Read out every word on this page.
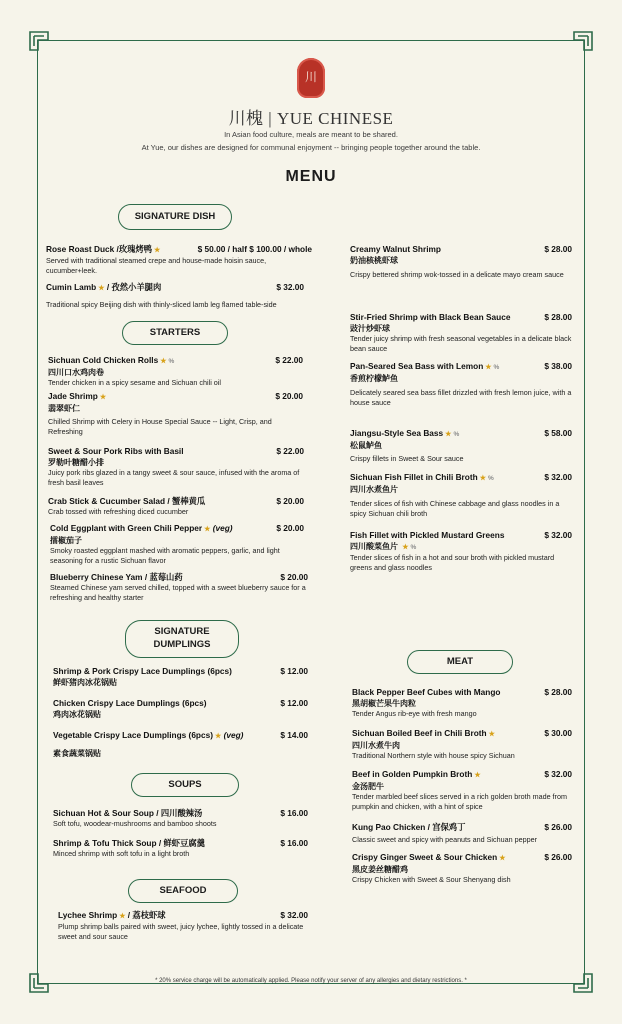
川
川槐 | YUE CHINESE
In Asian food culture, meals are meant to be shared.
At Yue, our dishes are designed for communal enjoyment -- bringing people together around the table.
MENU
SIGNATURE DISH
STARTERS
SIGNATURE
DUMPLINGS
SOUPS
SEAFOOD
MEAT
Rose Roast Duck /玫瑰烤鸭 ★	$ 50.00 / half $ 100.00 / whole
Served with traditional steamed crepe and house-made hoisin sauce, cucumber+leek.
Cumin Lamb ★ / 孜然小羊腿肉	$ 32.00
Traditional spicy Beijing dish with thinly-sliced lamb leg flamed table-side
Sichuan Cold Chicken Rolls ★ %	$ 22.00
四川口水鸡肉卷
Tender chicken in a spicy sesame and Sichuan chili oil
Jade Shrimp ★	$ 20.00
翡翠虾仁
Chilled Shrimp with Celery in House Special Sauce -- Light, Crisp, and Refreshing
Sweet & Sour Pork Ribs with Basil	$ 22.00
罗勒叶糖醋小排
Juicy pork ribs glazed in a tangy sweet & sour sauce, infused with the aroma of fresh basil leaves
Crab Stick & Cucumber Salad / 蟹棒黄瓜	$ 20.00
Crab tossed with refreshing diced cucumber
Cold Eggplant with Green Chili Pepper ★ (veg)	$ 20.00
擂椒茄子
Smoky roasted eggplant mashed with aromatic peppers, garlic, and light seasoning for a rustic Sichuan flavor
Blueberry Chinese Yam / 蓝莓山药	$ 20.00
Steamed Chinese yam served chilled, topped with a sweet blueberry sauce for a refreshing and healthy starter
Shrimp & Pork Crispy Lace Dumplings (6pcs)	$ 12.00
鲜虾猪肉冰花锅贴
Chicken Crispy Lace Dumplings (6pcs)	$ 12.00
鸡肉冰花锅贴
Vegetable Crispy Lace Dumplings (6pcs) ★ (veg)	$ 14.00
素食蔬菜锅贴
Sichuan Hot & Sour Soup / 四川酸辣汤	$ 16.00
Soft tofu, woodear-mushrooms and bamboo shoots
Shrimp & Tofu Thick Soup / 鲜虾豆腐羹	$ 16.00
Minced shrimp with soft tofu in a light broth
Lychee Shrimp ★ / 荔枝虾球	$ 32.00
Plump shrimp balls paired with sweet, juicy lychee, lightly tossed in a delicate sweet and sour sauce
Creamy Walnut Shrimp	$ 28.00
奶油核桃虾球
Crispy bettered shrimp wok-tossed in a delicate mayo cream sauce
Stir-Fried Shrimp with Black Bean Sauce	$ 28.00
豉汁炒虾球
Tender juicy shrimp with fresh seasonal vegetables in a delicate black bean sauce
Pan-Seared Sea Bass with Lemon ★ %	$ 38.00
香煎柠檬鲈鱼
Delicately seared sea bass fillet drizzled with fresh lemon juice, with a house sauce
Jiangsu-Style Sea Bass ★ %	$ 58.00
松鼠鲈鱼
Crispy fillets in Sweet & Sour sauce
Sichuan Fish Fillet in Chili Broth ★ %	$ 32.00
四川水煮鱼片
Tender slices of fish with Chinese cabbage and glass noodles in a spicy Sichuan chili broth
Fish Fillet with Pickled Mustard Greens	$ 32.00
四川酸菜鱼片 ★ %
Tender slices of fish in a hot and sour broth with pickled mustard greens and glass noodles
Black Pepper Beef Cubes with Mango	$ 28.00
黑胡椒芒果牛肉粒
Tender Angus rib-eye with fresh mango
Sichuan Boiled Beef in Chili Broth ★	$ 30.00
四川水煮牛肉
Traditional Northern style with house spicy Sichuan
Beef in Golden Pumpkin Broth ★	$ 32.00
金汤肥牛
Tender marbled beef slices served in a rich golden broth made from pumpkin and chicken, with a hint of spice
Kung Pao Chicken / 宫保鸡丁	$ 26.00
Classic sweet and spicy with peanuts and Sichuan pepper
Crispy Ginger Sweet & Sour Chicken ★	$ 26.00
黑皮姜丝糖醋鸡
Crispy Chicken with Sweet & Sour Shenyang dish
* 20% service charge will be automatically applied. Please notify your server of any allergies and dietary restrictions. *
